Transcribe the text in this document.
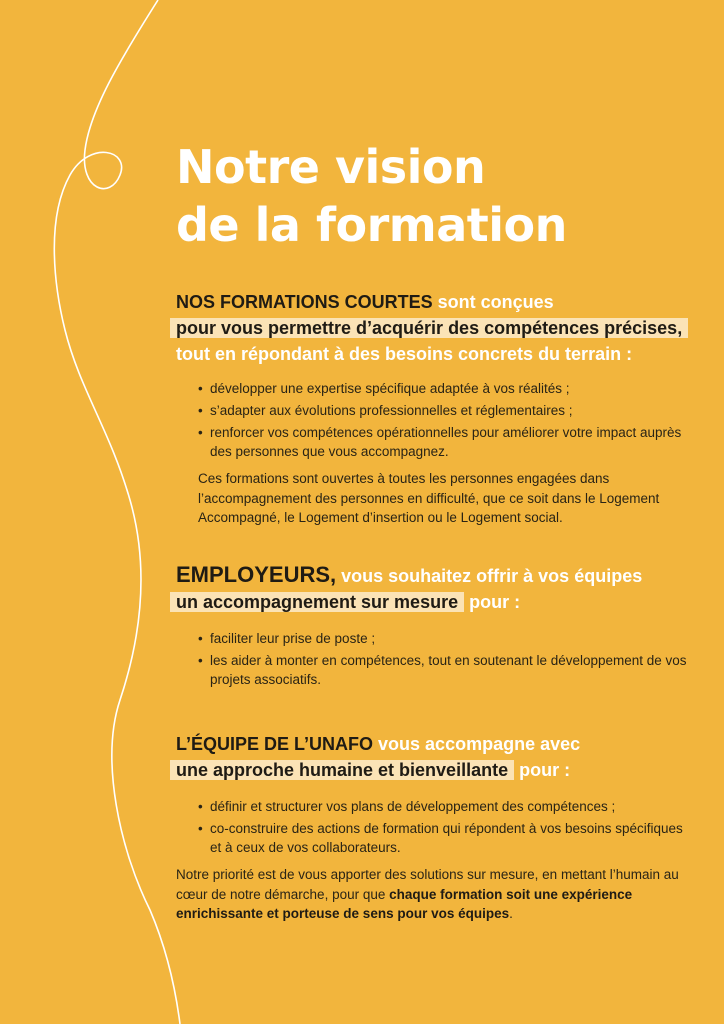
Notre vision
de la formation
NOS FORMATIONS COURTES sont conçues
pour vous permettre d’acquérir des compétences précises,
tout en répondant à des besoins concrets du terrain :
• développer une expertise spécifique adaptée à vos réalités ;
• s’adapter aux évolutions professionnelles et réglementaires ;
• renforcer vos compétences opérationnelles pour améliorer votre impact auprès des personnes que vous accompagnez.

Ces formations sont ouvertes à toutes les personnes engagées dans l’accompagnement des personnes en difficulté, que ce soit dans le Logement Accompagné, le Logement d’insertion ou le Logement social.

EMPLOYEURS, vous souhaitez offrir à vos équipes
un accompagnement sur mesure pour :
• faciliter leur prise de poste ;
• les aider à monter en compétences, tout en soutenant le développement de vos projets associatifs.
L’ÉQUIPE DE L’UNAFO vous accompagne avec
une approche humaine et bienveillante pour :
• définir et structurer vos plans de développement des compétences ;
• co-construire des actions de formation qui répondent à vos besoins spécifiques et à ceux de vos collaborateurs.

Notre priorité est de vous apporter des solutions sur mesure, en mettant l’humain au cœur de notre démarche, pour que chaque formation soit une expérience enrichissante et porteuse de sens pour vos équipes.
